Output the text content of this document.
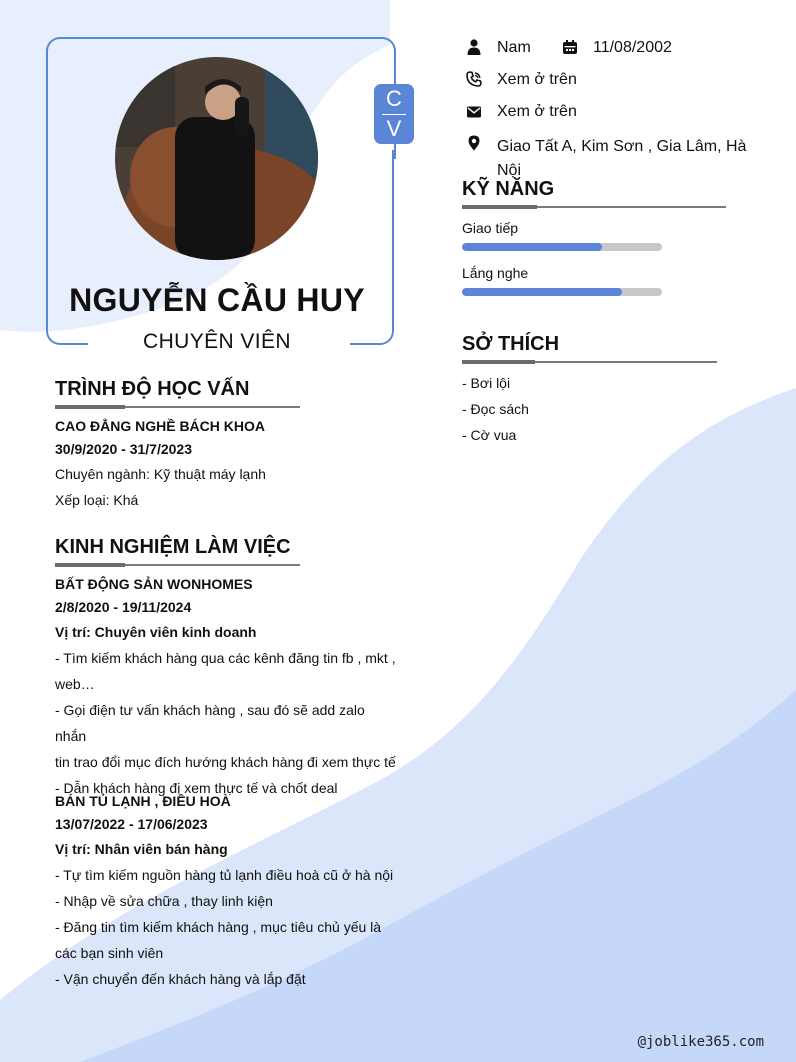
C
V
NGUYỄN CẦU HUY
CHUYÊN VIÊN
Nam	11/08/2002
Xem ở trên
Xem ở trên
Giao Tất A, Kim Sơn , Gia Lâm, Hà
Nội
KỸ NĂNG
Giao tiếp
Lắng nghe
SỞ THÍCH
- Bơi lội
- Đọc sách
- Cờ vua
TRÌNH ĐỘ HỌC VẤN
CAO ĐẲNG NGHỀ BÁCH KHOA
30/9/2020 - 31/7/2023
Chuyên ngành: Kỹ thuật máy lạnh
Xếp loại: Khá
KINH NGHIỆM LÀM VIỆC
BẤT ĐỘNG SẢN WONHOMES
2/8/2020 - 19/11/2024
Vị trí: Chuyên viên kinh doanh
- Tìm kiếm khách hàng qua các kênh đăng tin fb , mkt ,
web…
- Gọi điện tư vấn khách hàng , sau đó sẽ add zalo nhắn
tin trao đổi mục đích hướng khách hàng đi xem thực tế
- Dẫn khách hàng đi xem thực tế và chốt deal
BÁN TỦ LẠNH , ĐIỀU HOÀ
13/07/2022 - 17/06/2023
Vị trí: Nhân viên bán hàng
- Tự tìm kiếm nguồn hàng tủ lạnh điều hoà cũ ở hà nội
- Nhập về sửa chữa , thay linh kiện
- Đăng tin tìm kiếm khách hàng , mục tiêu chủ yếu là
các bạn sinh viên
- Vận chuyển đến khách hàng và lắp đặt
@joblike365.com
